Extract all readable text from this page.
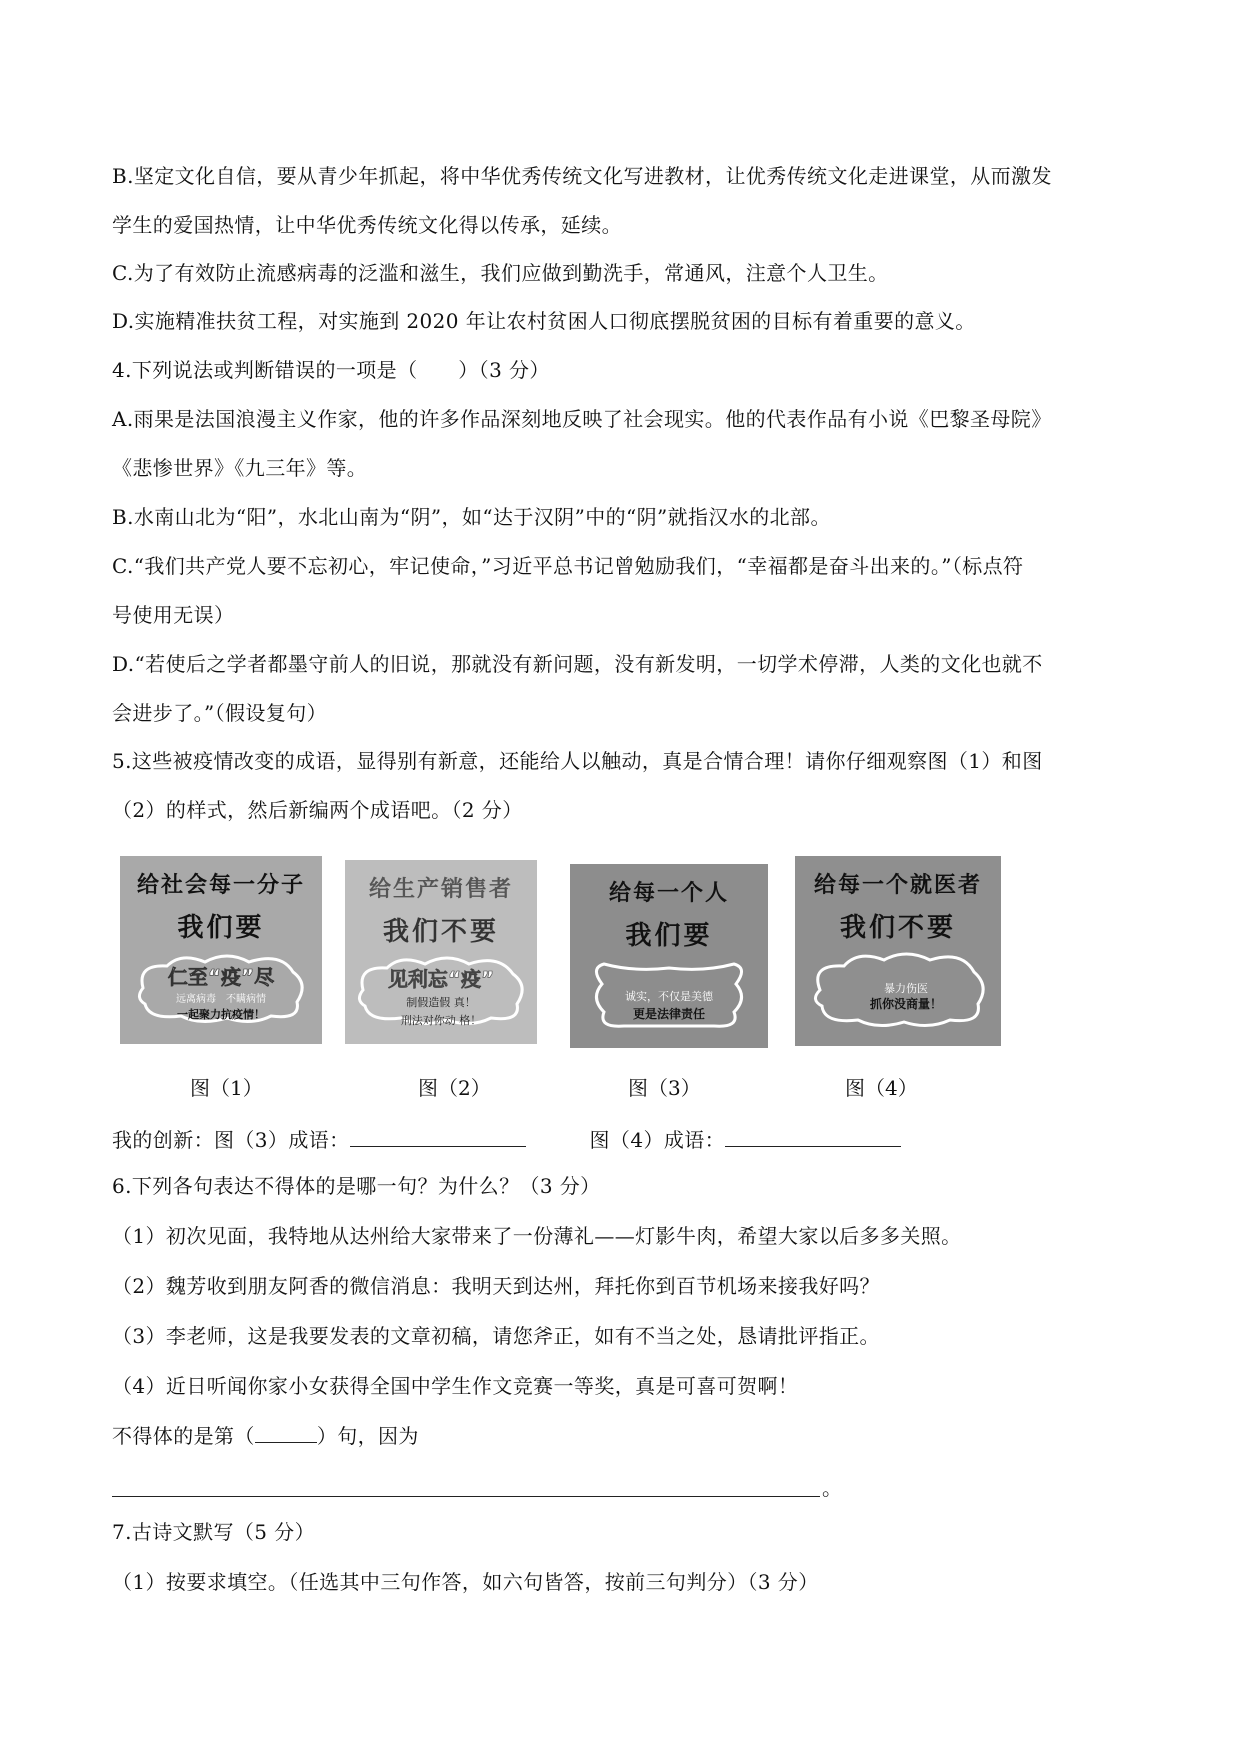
B.坚定文化自信，要从青少年抓起，将中华优秀传统文化写进教材，让优秀传统文化走进课堂，从而激发
学生的爱国热情，让中华优秀传统文化得以传承，延续。
C.为了有效防止流感病毒的泛滥和滋生，我们应做到勤洗手，常通风，注意个人卫生。
D.实施精准扶贫工程，对实施到 2020 年让农村贫困人口彻底摆脱贫困的目标有着重要的意义。
4.下列说法或判断错误的一项是（　　）（3 分）
A.雨果是法国浪漫主义作家，他的许多作品深刻地反映了社会现实。他的代表作品有小说《巴黎圣母院》
《悲惨世界》《九三年》等。
B.水南山北为“阳”，水北山南为“阴”，如“达于汉阴”中的“阴”就指汉水的北部。
C.“我们共产党人要不忘初心，牢记使命，”习近平总书记曾勉励我们，“幸福都是奋斗出来的。”（标点符
号使用无误）
D.“若使后之学者都墨守前人的旧说，那就没有新问题，没有新发明，一切学术停滞，人类的文化也就不
会进步了。”（假设复句）
5.这些被疫情改变的成语，显得别有新意，还能给人以触动，真是合情合理！请你仔细观察图（1）和图
（2）的样式，然后新编两个成语吧。（2 分）
给社会每一分子
我们要
仁至“疫”尽
远离病毒　不瞒病情
一起聚力抗疫情！
给生产销售者
我们不要
见利忘“疫”
制假造假 真！
刑法对你动 格！
给每一个人
我们要
诚实，不仅是美德
更是法律责任
给每一个就医者
我们不要
暴力伤医
抓你没商量！
图（1）	图（2）	图（3）	图（4）
我的创新：图（3）成语：	图（4）成语：
6.下列各句表达不得体的是哪一句？为什么？（3 分）
（1）初次见面，我特地从达州给大家带来了一份薄礼——灯影牛肉，希望大家以后多多关照。
（2）魏芳收到朋友阿香的微信消息：我明天到达州，拜托你到百节机场来接我好吗？
（3）李老师，这是我要发表的文章初稿，请您斧正，如有不当之处，恳请批评指正。
（4）近日听闻你家小女获得全国中学生作文竞赛一等奖，真是可喜可贺啊！
不得体的是第（	）句，因为
。
7.古诗文默写（5 分）
（1）按要求填空。（任选其中三句作答，如六句皆答，按前三句判分）（3 分）
